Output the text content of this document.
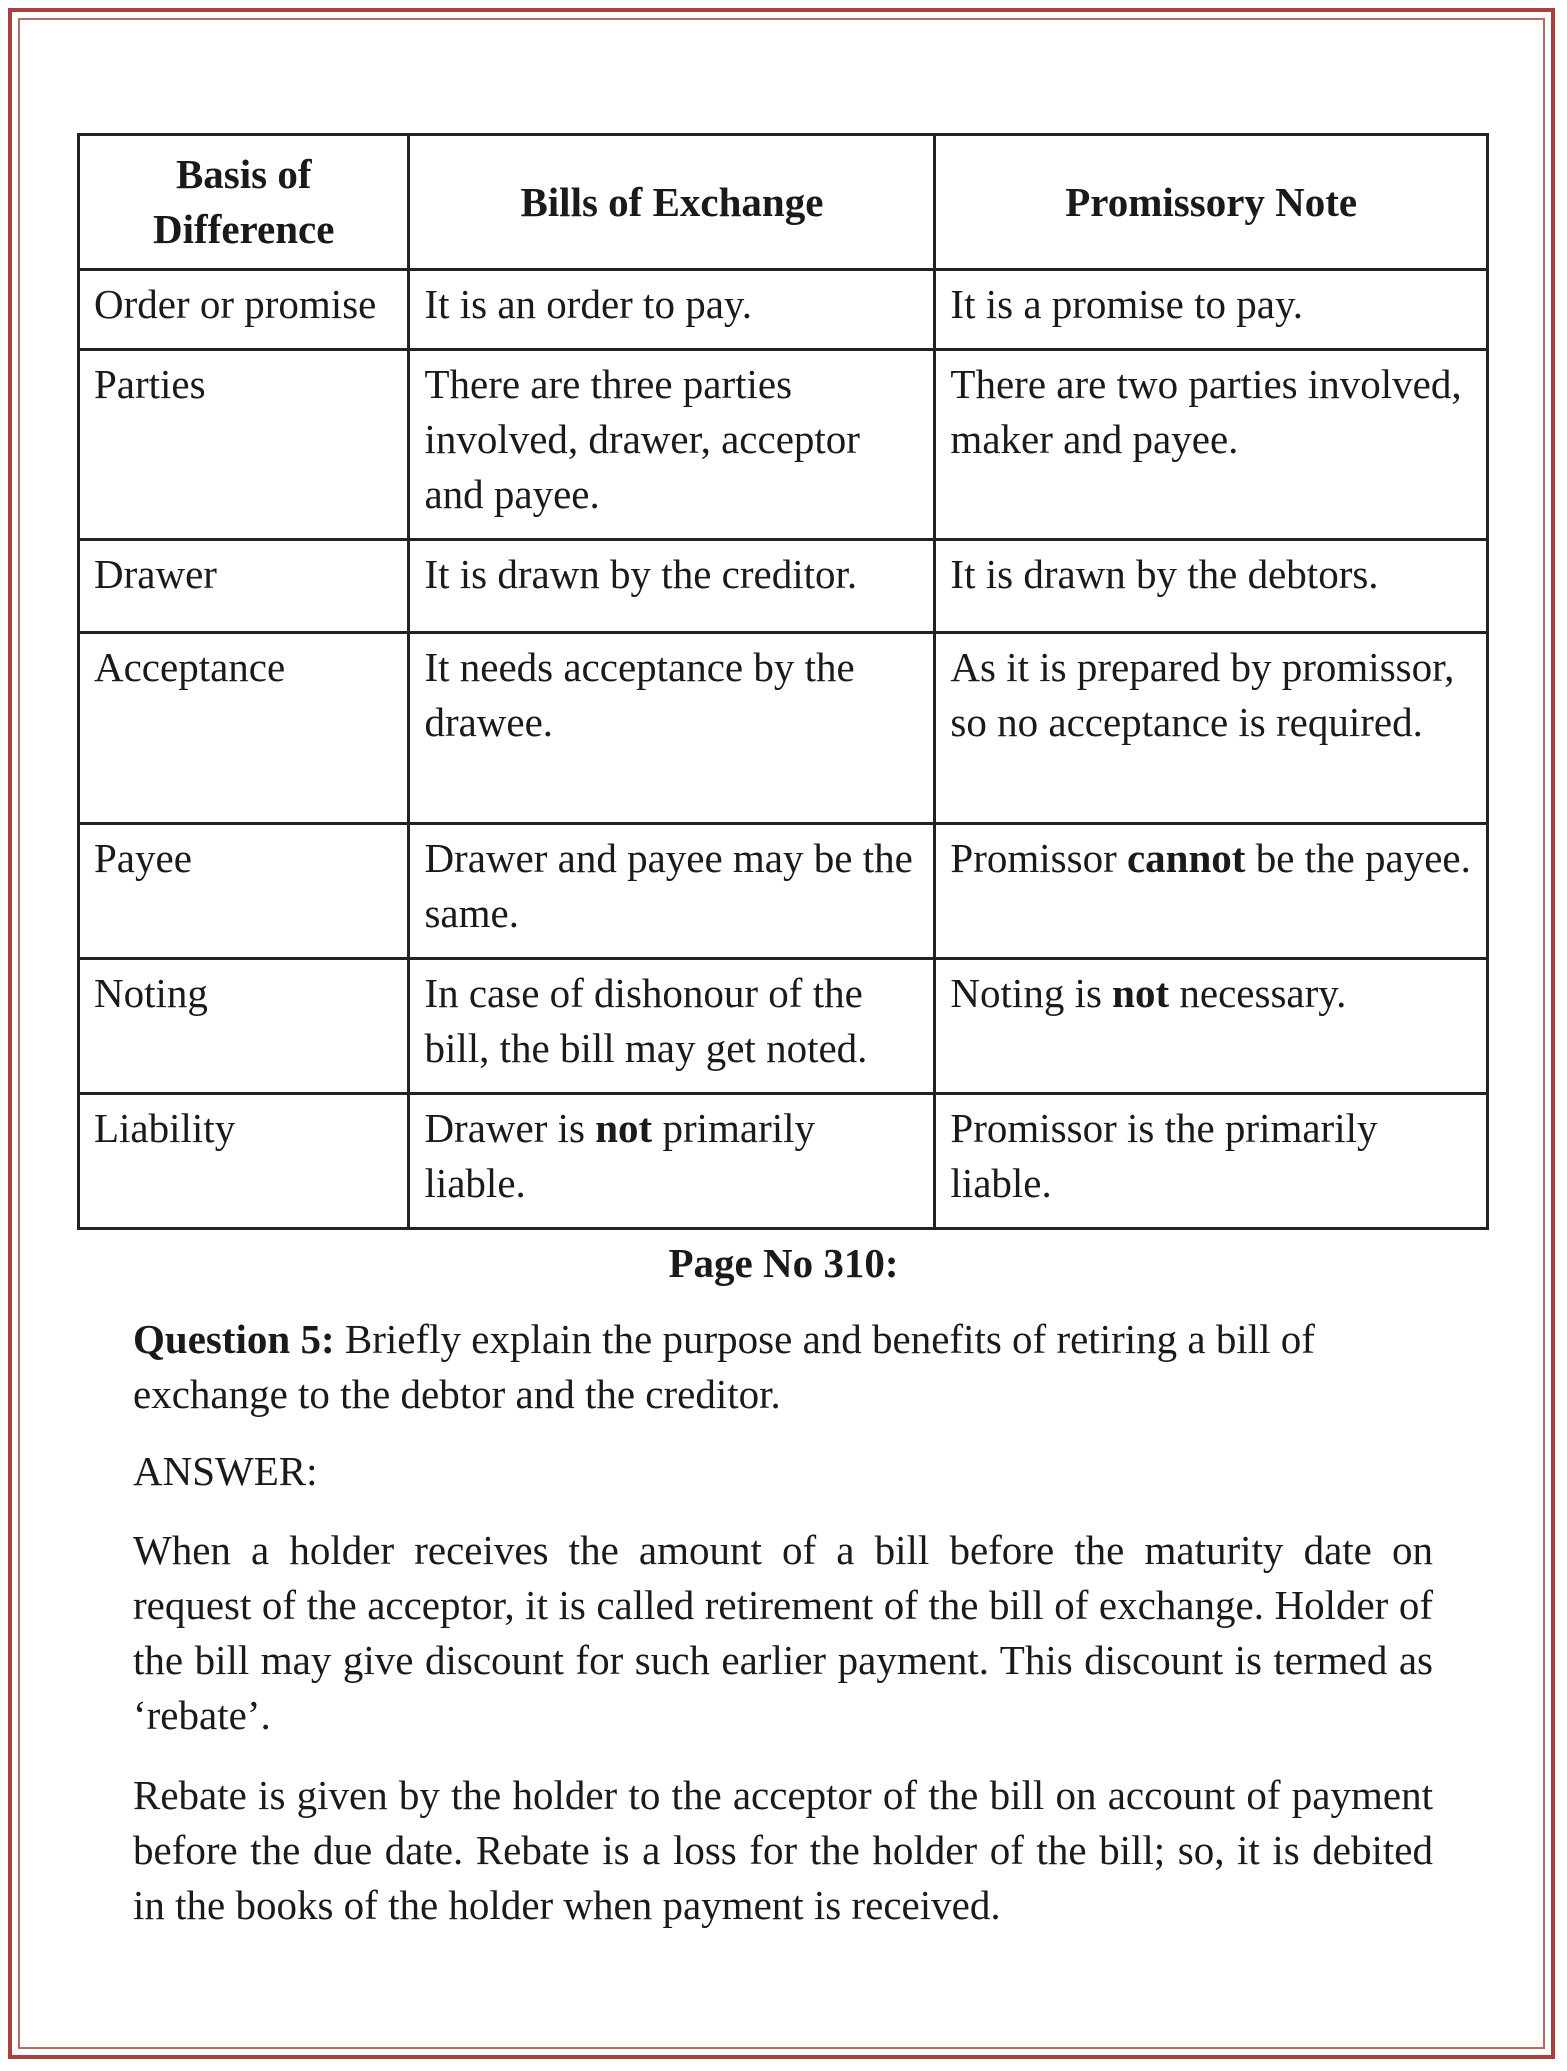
Basis of Difference	Bills of Exchange	Promissory Note
Order or promise	It is an order to pay.	It is a promise to pay.
Parties	There are three parties involved, drawer, acceptor and payee.	There are two parties involved, maker and payee.
Drawer	It is drawn by the creditor.	It is drawn by the debtors.
Acceptance	It needs acceptance by the drawee.	As it is prepared by promissor, so no acceptance is required.
Payee	Drawer and payee may be the same.	Promissor cannot be the payee.
Noting	In case of dishonour of the bill, the bill may get noted.	Noting is not necessary.
Liability	Drawer is not primarily liable.	Promissor is the primarily liable.
Page No 310:
Question 5: Briefly explain the purpose and benefits of retiring a bill of exchange to the debtor and the creditor.
ANSWER:
When a holder receives the amount of a bill before the maturity date on request of the acceptor, it is called retirement of the bill of exchange. Holder of the bill may give discount for such earlier payment. This discount is termed as ‘rebate’.
Rebate is given by the holder to the acceptor of the bill on account of payment before the due date. Rebate is a loss for the holder of the bill; so, it is debited in the books of the holder when payment is received.
